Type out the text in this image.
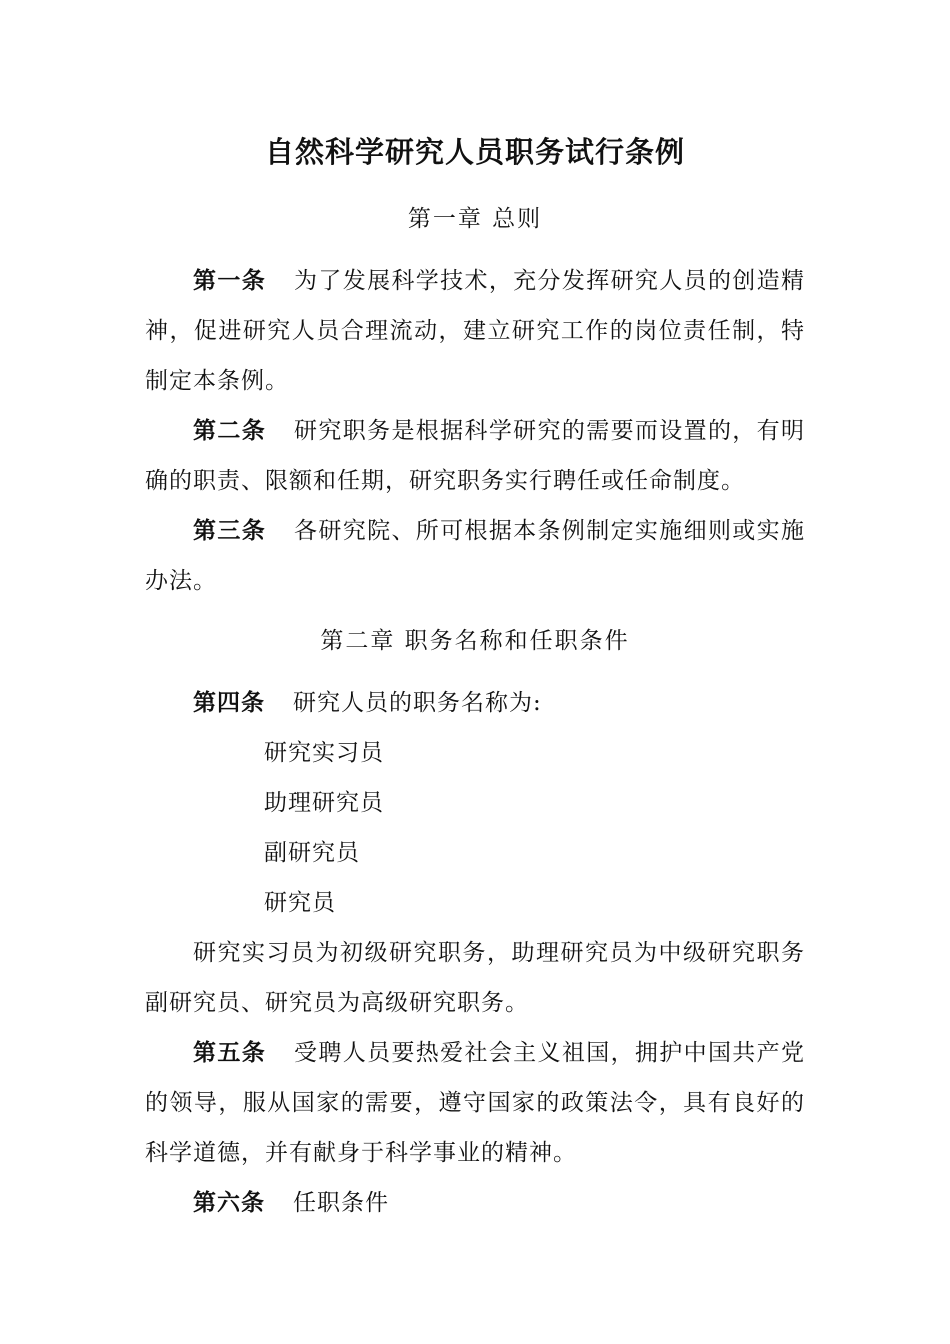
自然科学研究人员职务试行条例
第一章 总则
第一条 为了发展科学技术，充分发挥研究人员的创造精
神，促进研究人员合理流动，建立研究工作的岗位责任制，特
制定本条例。
第二条 研究职务是根据科学研究的需要而设置的，有明
确的职责、限额和任期，研究职务实行聘任或任命制度。
第三条 各研究院、所可根据本条例制定实施细则或实施
办法。
第二章 职务名称和任职条件
第四条 研究人员的职务名称为:
研究实习员
助理研究员
副研究员
研究员
研究实习员为初级研究职务，助理研究员为中级研究职务
副研究员、研究员为高级研究职务。
第五条 受聘人员要热爱社会主义祖国，拥护中国共产党
的领导，服从国家的需要，遵守国家的政策法令，具有良好的
科学道德，并有献身于科学事业的精神。
第六条 任职条件
